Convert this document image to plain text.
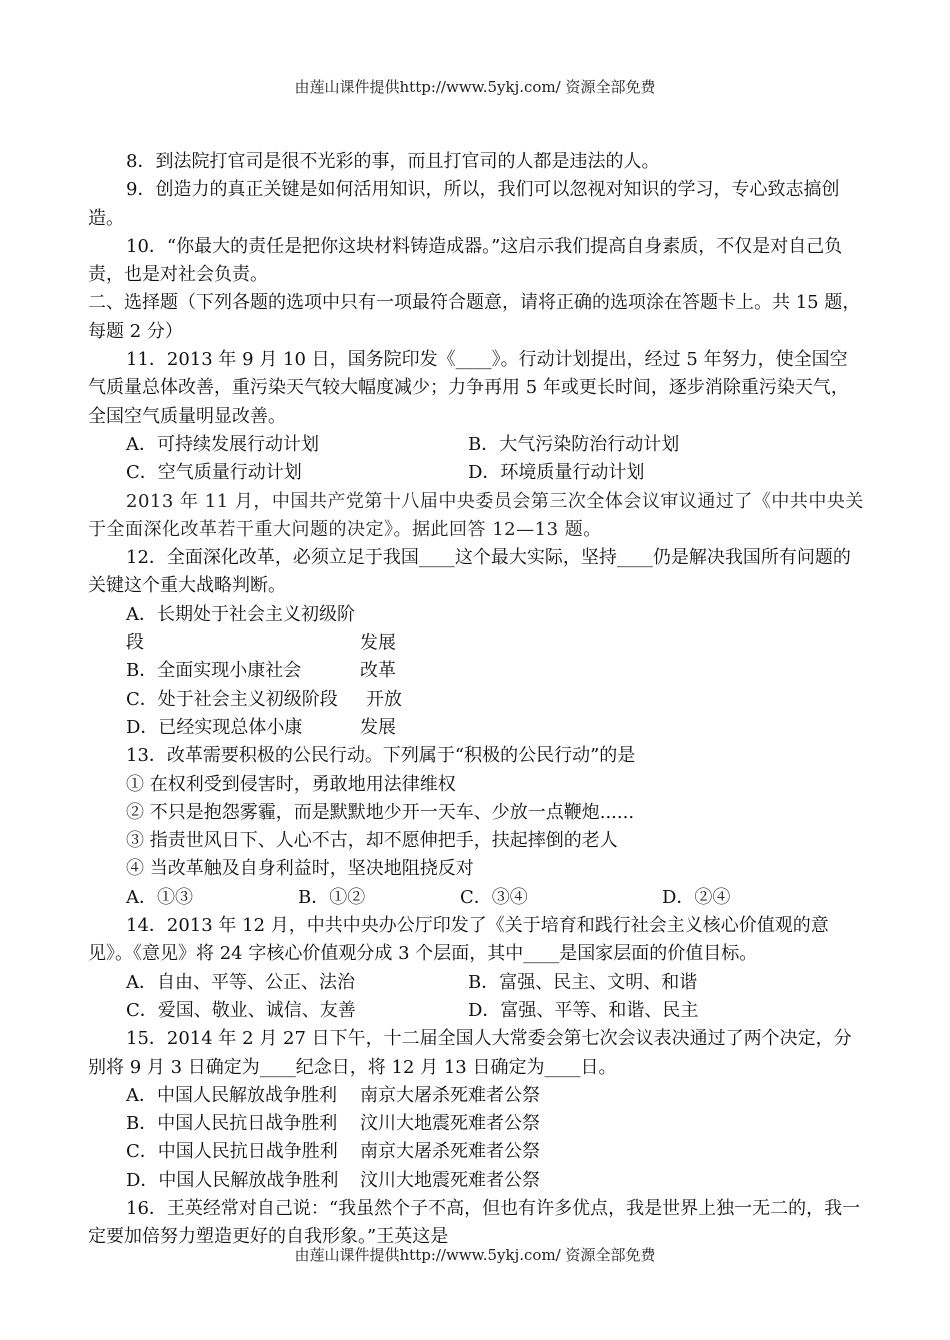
由莲山课件提供http://www.5ykj.com/ 资源全部免费

8．到法院打官司是很不光彩的事，而且打官司的人都是违法的人。

9．创造力的真正关键是如何活用知识，所以，我们可以忽视对知识的学习，专心致志搞创造。

10．“你最大的责任是把你这块材料铸造成器。”这启示我们提高自身素质，不仅是对自己负责，也是对社会负责。

二、选择题（下列各题的选项中只有一项最符合题意，请将正确的选项涂在答题卡上。共 15 题，每题 2 分）

11．2013 年 9 月 10 日，国务院印发《____》。行动计划提出，经过 5 年努力，使全国空气质量总体改善，重污染天气较大幅度减少；力争再用 5 年或更长时间，逐步消除重污染天气，全国空气质量明显改善。

A．可持续发展行动计划	B．大气污染防治行动计划
C．空气质量行动计划	D．环境质量行动计划

2013 年 11 月，中国共产党第十八届中央委员会第三次全体会议审议通过了《中共中央关于全面深化改革若干重大问题的决定》。据此回答 12—13 题。

12．全面深化改革，必须立足于我国____这个最大实际，坚持____仍是解决我国所有问题的关键这个重大战略判断。

A．长期处于社会主义初级阶段	发展
B．全面实现小康社会	改革
C．处于社会主义初级阶段 开放
D．已经实现总体小康	发展

13．改革需要积极的公民行动。下列属于“积极的公民行动”的是

① 在权利受到侵害时，勇敢地用法律维权
② 不只是抱怨雾霾，而是默默地少开一天车、少放一点鞭炮......
③ 指责世风日下、人心不古，却不愿伸把手，扶起摔倒的老人
④ 当改革触及自身利益时，坚决地阻挠反对
A．①③	B．①②	C．③④	D．②④

14．2013 年 12 月，中共中央办公厅印发了《关于培育和践行社会主义核心价值观的意见》。《意见》将 24 字核心价值观分成 3 个层面，其中____是国家层面的价值目标。

A．自由、平等、公正、法治	B．富强、民主、文明、和谐
C．爱国、敬业、诚信、友善	D．富强、平等、和谐、民主

15．2014 年 2 月 27 日下午，十二届全国人大常委会第七次会议表决通过了两个决定，分别将 9 月 3 日确定为____纪念日，将 12 月 13 日确定为____日。

A．中国人民解放战争胜利 南京大屠杀死难者公祭
B．中国人民抗日战争胜利 汶川大地震死难者公祭
C．中国人民抗日战争胜利 南京大屠杀死难者公祭
D．中国人民解放战争胜利 汶川大地震死难者公祭

16．王英经常对自己说：“我虽然个子不高，但也有许多优点，我是世界上独一无二的，我一定要加倍努力塑造更好的自我形象。”王英这是

由莲山课件提供http://www.5ykj.com/ 资源全部免费
